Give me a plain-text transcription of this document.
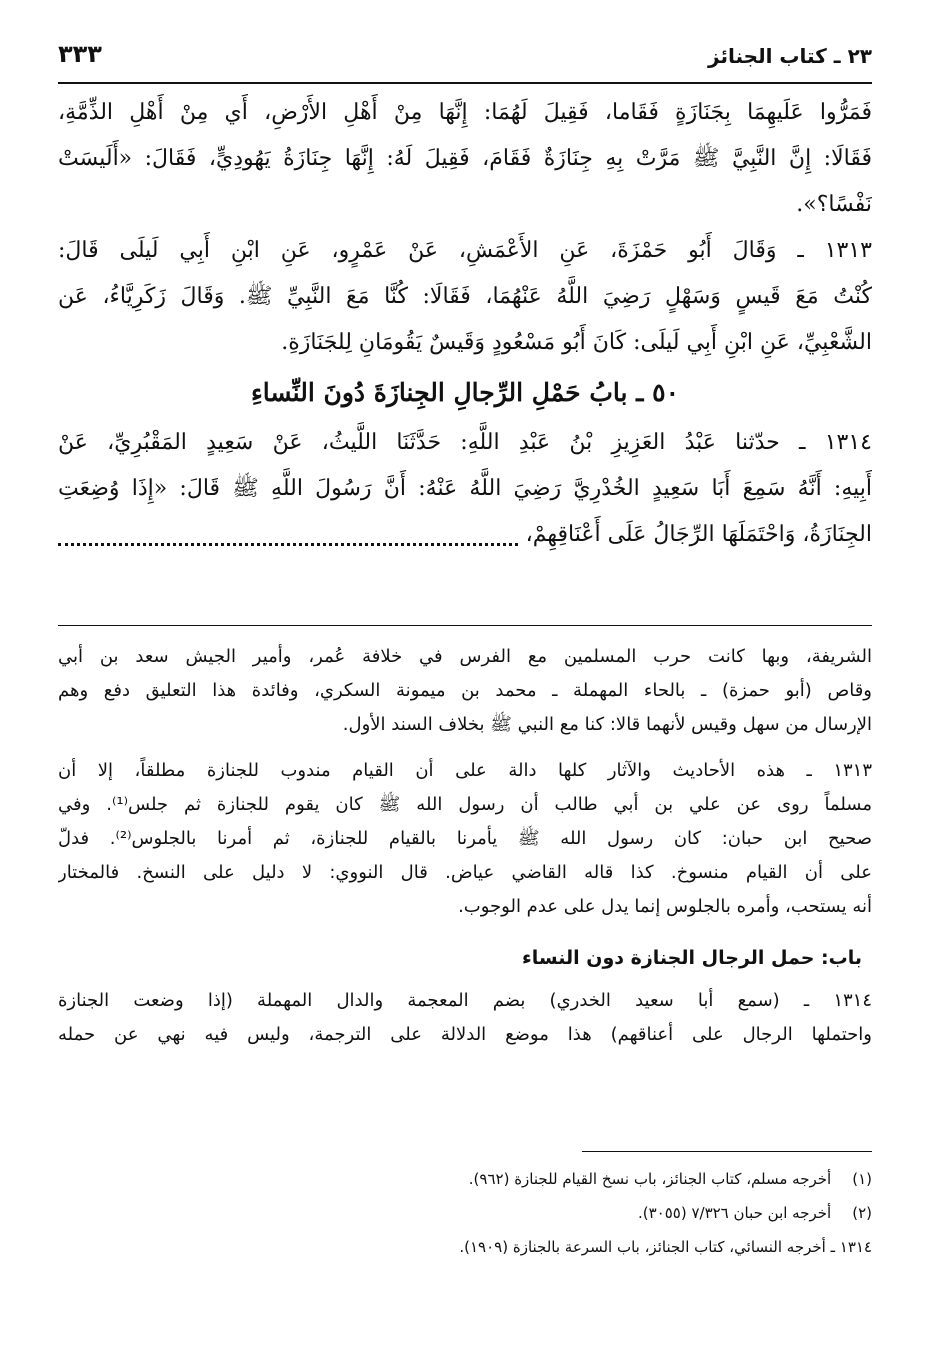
٣٣٣	٢٣ ـ كتاب الجنائز
فَمَرُّوا عَلَيهِمَا بِجَنَازَةٍ فَقَاما، فَقِيلَ لَهُمَا: إِنَّهَا مِنْ أَهْلِ الأَرْضِ، أَي مِنْ أَهْلِ الذِّمَّةِ،
فَقَالَا: إِنَّ النَّبِيَّ ﷺ مَرَّتْ بِهِ جِنَازَةٌ فَقَامَ، فَقِيلَ لَهُ: إِنَّهَا جِنَازَةُ يَهُودِيٍّ، فَقَالَ: «أَلَيسَتْ
نَفْسًا؟».
١٣١٣ ـ وَقَالَ أَبُو حَمْزَةَ، عَنِ الأَعْمَشِ، عَنْ عَمْرٍو، عَنِ ابْنِ أَبِي لَيلَى قَالَ:
كُنْتُ مَعَ قَيسٍ وَسَهْلٍ رَضِيَ اللَّهُ عَنْهُمَا، فَقَالَا: كُنَّا مَعَ النَّبِيِّ ﷺ. وَقَالَ زَكَرِيَّاءُ، عَن
الشَّعْبِيِّ، عَنِ ابْنِ أَبِي لَيلَى: كَانَ أَبُو مَسْعُودٍ وَقَيسٌ يَقُومَانِ لِلجَنَازَةِ.
٥٠ ـ بابُ حَمْلِ الرِّجالِ الجِنازَةَ دُونَ النِّساءِ
١٣١٤ ـ حدّثنا عَبْدُ العَزِيزِ بْنُ عَبْدِ اللَّهِ: حَدَّثَنَا اللَّيثُ، عَنْ سَعِيدٍ المَقْبُرِيِّ، عَنْ
أَبِيهِ: أَنَّهُ سَمِعَ أَبَا سَعِيدٍ الخُدْرِيَّ رَضِيَ اللَّهُ عَنْهُ: أَنَّ رَسُولَ اللَّهِ ﷺ قَالَ: «إِذَا وُضِعَتِ
الجِنَازَةُ، وَاحْتَمَلَهَا الرِّجَالُ عَلَى أَعْنَاقِهِمْ،
الشريفة، وبها كانت حرب المسلمين مع الفرس في خلافة عُمر، وأمير الجيش سعد بن أبي
وقاص (أبو حمزة) ـ بالحاء المهملة ـ محمد بن ميمونة السكري، وفائدة هذا التعليق دفع وهم
الإرسال من سهل وقيس لأنهما قالا: كنا مع النبي ﷺ بخلاف السند الأول.
١٣١٣ ـ هذه الأحاديث والآثار كلها دالة على أن القيام مندوب للجنازة مطلقاً، إلا أن
مسلماً روى عن علي بن أبي طالب أن رسول الله ﷺ كان يقوم للجنازة ثم جلس⁽¹⁾. وفي
صحيح ابن حبان: كان رسول الله ﷺ يأمرنا بالقيام للجنازة، ثم أمرنا بالجلوس⁽²⁾. فدلّ
على أن القيام منسوخ. كذا قاله القاضي عياض. قال النووي: لا دليل على النسخ. فالمختار
أنه يستحب، وأمره بالجلوس إنما يدل على عدم الوجوب.
باب: حمل الرجال الجنازة دون النساء
١٣١٤ ـ (سمع أبا سعيد الخدري) بضم المعجمة والدال المهملة (إذا وضعت الجنازة
واحتملها الرجال على أعناقهم) هذا موضع الدلالة على الترجمة، وليس فيه نهي عن حمله
(١) أخرجه مسلم، كتاب الجنائز، باب نسخ القيام للجنازة (٩٦٢).
(٢) أخرجه ابن حبان ٧/٣٢٦ (٣٠٥٥).
١٣١٤ ـ أخرجه النسائي، كتاب الجنائز، باب السرعة بالجنازة (١٩٠٩).
